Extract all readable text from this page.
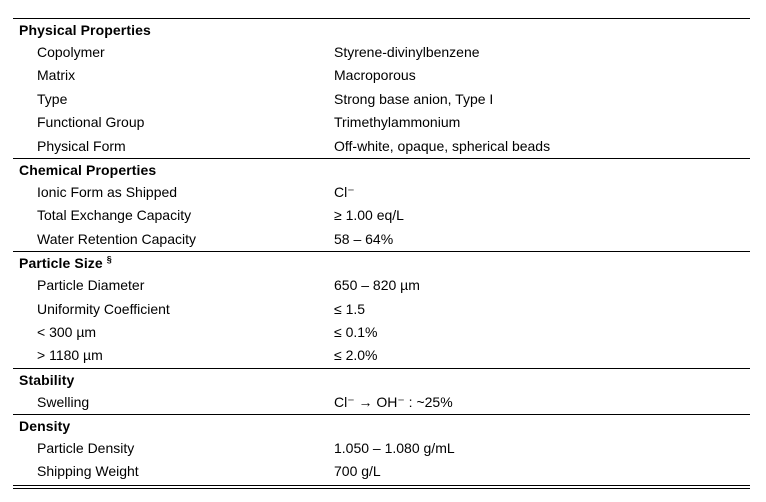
Physical Properties
Copolymer	Styrene-divinylbenzene
Matrix	Macroporous
Type	Strong base anion, Type I
Functional Group	Trimethylammonium
Physical Form	Off-white, opaque, spherical beads
Chemical Properties
Ionic Form as Shipped	Cl⁻
Total Exchange Capacity	≥ 1.00 eq/L
Water Retention Capacity	58 – 64%
Particle Size §
Particle Diameter	650 – 820 µm
Uniformity Coefficient	≤ 1.5
< 300 µm	≤ 0.1%
> 1180 µm	≤ 2.0%
Stability
Swelling	Cl⁻ → OH⁻ : ~25%
Density
Particle Density	1.050 – 1.080 g/mL
Shipping Weight	700 g/L
